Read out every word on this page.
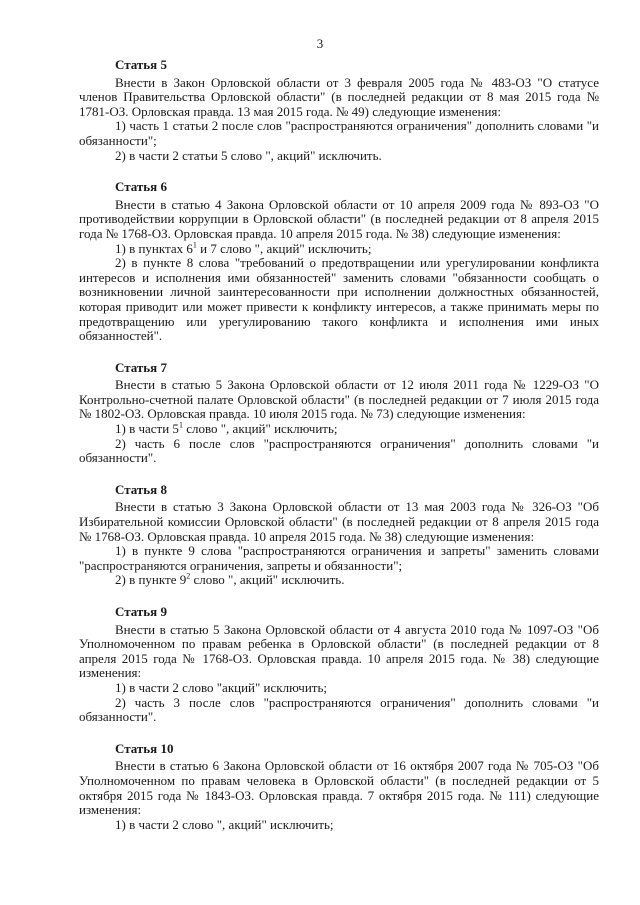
3
Статья 5

Внести в Закон Орловской области от 3 февраля 2005 года № 483-ОЗ "О статусе членов Правительства Орловской области" (в последней редакции от 8 мая 2015 года № 1781-ОЗ. Орловская правда. 13 мая 2015 года. № 49) следующие изменения:

1) часть 1 статьи 2 после слов "распространяются ограничения" дополнить словами "и обязанности";

2) в части 2 статьи 5 слово ", акций" исключить.

Статья 6

Внести в статью 4 Закона Орловской области от 10 апреля 2009 года № 893-ОЗ "О противодействии коррупции в Орловской области" (в последней редакции от 8 апреля 2015 года № 1768-ОЗ. Орловская правда. 10 апреля 2015 года. № 38) следующие изменения:

1) в пунктах $6^1$ и 7 слово ", акций" исключить;

2) в пункте 8 слова "требований о предотвращении или урегулировании конфликта интересов и исполнения ими обязанностей" заменить словами "обязанности сообщать о возникновении личной заинтересованности при исполнении должностных обязанностей, которая приводит или может привести к конфликту интересов, а также принимать меры по предотвращению или урегулированию такого конфликта и исполнения ими иных обязанностей".

Статья 7

Внести в статью 5 Закона Орловской области от 12 июля 2011 года № 1229-ОЗ "О Контрольно-счетной палате Орловской области" (в последней редакции от 7 июля 2015 года № 1802-ОЗ. Орловская правда. 10 июля 2015 года. № 73) следующие изменения:

1) в части $5^1$ слово ", акций" исключить;

2) часть 6 после слов "распространяются ограничения" дополнить словами "и обязанности".

Статья 8

Внести в статью 3 Закона Орловской области от 13 мая 2003 года № 326-ОЗ "Об Избирательной комиссии Орловской области" (в последней редакции от 8 апреля 2015 года № 1768-ОЗ. Орловская правда. 10 апреля 2015 года. № 38) следующие изменения:

1) в пункте 9 слова "распространяются ограничения и запреты" заменить словами "распространяются ограничения, запреты и обязанности";

2) в пункте $9^2$ слово ", акций" исключить.

Статья 9

Внести в статью 5 Закона Орловской области от 4 августа 2010 года № 1097-ОЗ "Об Уполномоченном по правам ребенка в Орловской области" (в последней редакции от 8 апреля 2015 года № 1768-ОЗ. Орловская правда. 10 апреля 2015 года. № 38) следующие изменения:

1) в части 2 слово "акций" исключить;

2) часть 3 после слов "распространяются ограничения" дополнить словами "и обязанности".

Статья 10

Внести в статью 6 Закона Орловской области от 16 октября 2007 года № 705-ОЗ "Об Уполномоченном по правам человека в Орловской области" (в последней редакции от 5 октября 2015 года № 1843-ОЗ. Орловская правда. 7 октября 2015 года. № 111) следующие изменения:

1) в части 2 слово ", акций" исключить;
